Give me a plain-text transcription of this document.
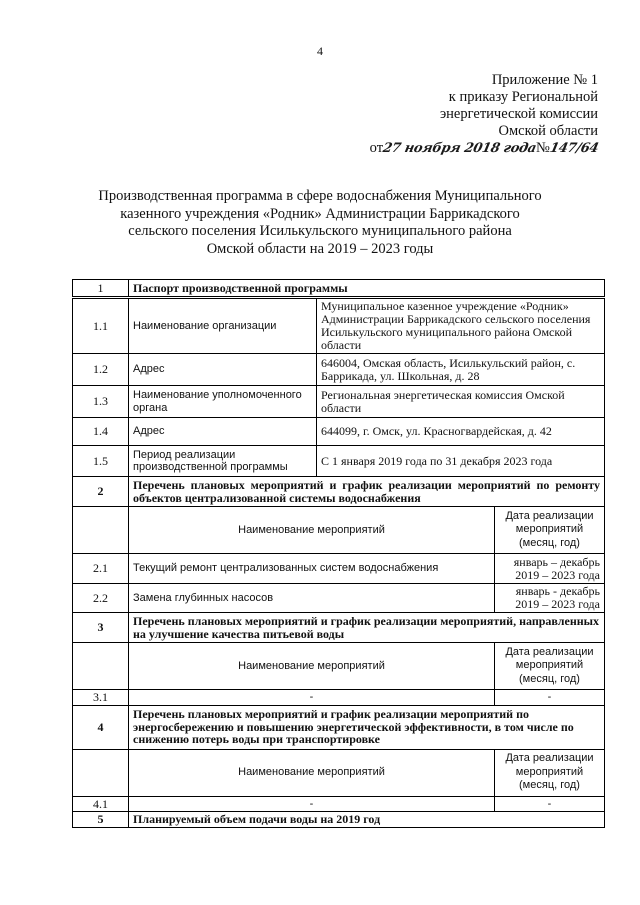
4
Приложение № 1
к приказу Региональной
энергетической комиссии
Омской области
от27 ноября 2018 года№147/64
Производственная программа в сфере водоснабжения Муниципального
казенного учреждения «Родник» Администрации Баррикадского
сельского поселения Исилькульского муниципального района
Омской области на 2019 – 2023 годы
1	Паспорт производственной программы		
1.1	Наименование организации	Муниципальное казенное учреждение «Родник» Администрации Баррикадского сельского поселения Исилькульского муниципального района Омской области	
1.2	Адрес	646004, Омская область, Исилькульский район, с. Баррикада, ул. Школьная, д. 28	
1.3	Наименование уполномоченного органа	Региональная энергетическая комиссия Омской области	
1.4	Адрес	644099, г. Омск, ул. Красногвардейская, д. 42	
1.5	Период реализации производственной программы	С 1 января 2019 года по 31 декабря 2023 года	
2	Перечень плановых мероприятий и график реализации мероприятий по ремонту объектов централизованной системы водоснабжения		
	Наименование мероприятий		Дата реализации мероприятий (месяц, год)
2.1	Текущий ремонт централизованных систем водоснабжения		январь – декабрь 2019 – 2023 года
2.2	Замена глубинных насосов		январь - декабрь 2019 – 2023 года
3	Перечень плановых мероприятий и график реализации мероприятий, направленных на улучшение качества питьевой воды		
	Наименование мероприятий		Дата реализации мероприятий (месяц, год)
3.1	-		-
4	Перечень плановых мероприятий и график реализации мероприятий по энергосбережению и повышению энергетической эффективности, в том числе по снижению потерь воды при транспортировке		
	Наименование мероприятий		Дата реализации мероприятий (месяц, год)
4.1	-		-
5	Планируемый объем подачи воды на 2019 год		
